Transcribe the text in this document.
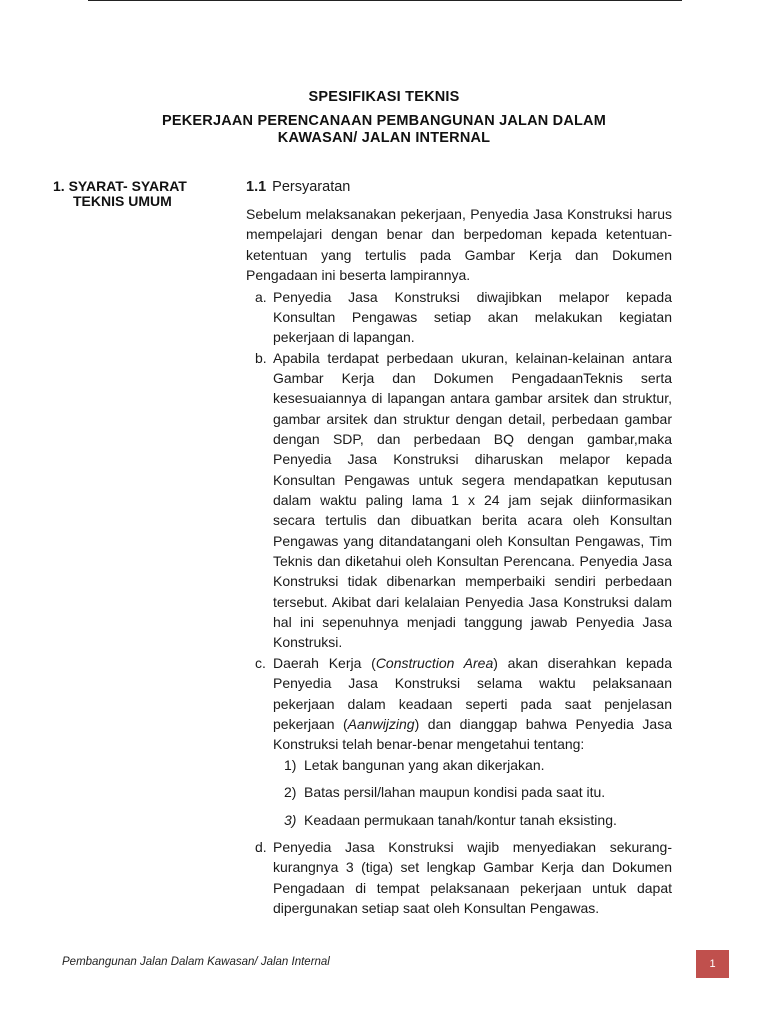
SPESIFIKASI TEKNIS
PEKERJAAN PERENCANAAN PEMBANGUNAN JALAN DALAM
KAWASAN/ JALAN INTERNAL
1. SYARAT- SYARAT
TEKNIS UMUM
1.1 Persyaratan
Sebelum melaksanakan pekerjaan, Penyedia Jasa Konstruksi harus mempelajari dengan benar dan berpedoman kepada ketentuan-ketentuan yang tertulis pada Gambar Kerja dan Dokumen Pengadaan ini beserta lampirannya.
a. Penyedia Jasa Konstruksi diwajibkan melapor kepada Konsultan Pengawas setiap akan melakukan kegiatan pekerjaan di lapangan.
b. Apabila terdapat perbedaan ukuran, kelainan-kelainan antara Gambar Kerja dan Dokumen PengadaanTeknis serta kesesuaiannya di lapangan antara gambar arsitek dan struktur, gambar arsitek dan struktur dengan detail, perbedaan gambar dengan SDP, dan perbedaan BQ dengan gambar,maka Penyedia Jasa Konstruksi diharuskan melapor kepada Konsultan Pengawas untuk segera mendapatkan keputusan dalam waktu paling lama 1 x 24 jam sejak diinformasikan secara tertulis dan dibuatkan berita acara oleh Konsultan Pengawas yang ditandatangani oleh Konsultan Pengawas, Tim Teknis dan diketahui oleh Konsultan Perencana. Penyedia Jasa Konstruksi tidak dibenarkan memperbaiki sendiri perbedaan tersebut. Akibat dari kelalaian Penyedia Jasa Konstruksi dalam hal ini sepenuhnya menjadi tanggung jawab Penyedia Jasa Konstruksi.
c. Daerah Kerja (Construction Area) akan diserahkan kepada Penyedia Jasa Konstruksi selama waktu pelaksanaan pekerjaan dalam keadaan seperti pada saat penjelasan pekerjaan (Aanwijzing) dan dianggap bahwa Penyedia Jasa Konstruksi telah benar-benar mengetahui tentang:
1) Letak bangunan yang akan dikerjakan.
2) Batas persil/lahan maupun kondisi pada saat itu.
3) Keadaan permukaan tanah/kontur tanah eksisting.
d. Penyedia Jasa Konstruksi wajib menyediakan sekurang-kurangnya 3 (tiga) set lengkap Gambar Kerja dan Dokumen Pengadaan di tempat pelaksanaan pekerjaan untuk dapat dipergunakan setiap saat oleh Konsultan Pengawas.
Pembangunan Jalan Dalam Kawasan/ Jalan Internal	1
